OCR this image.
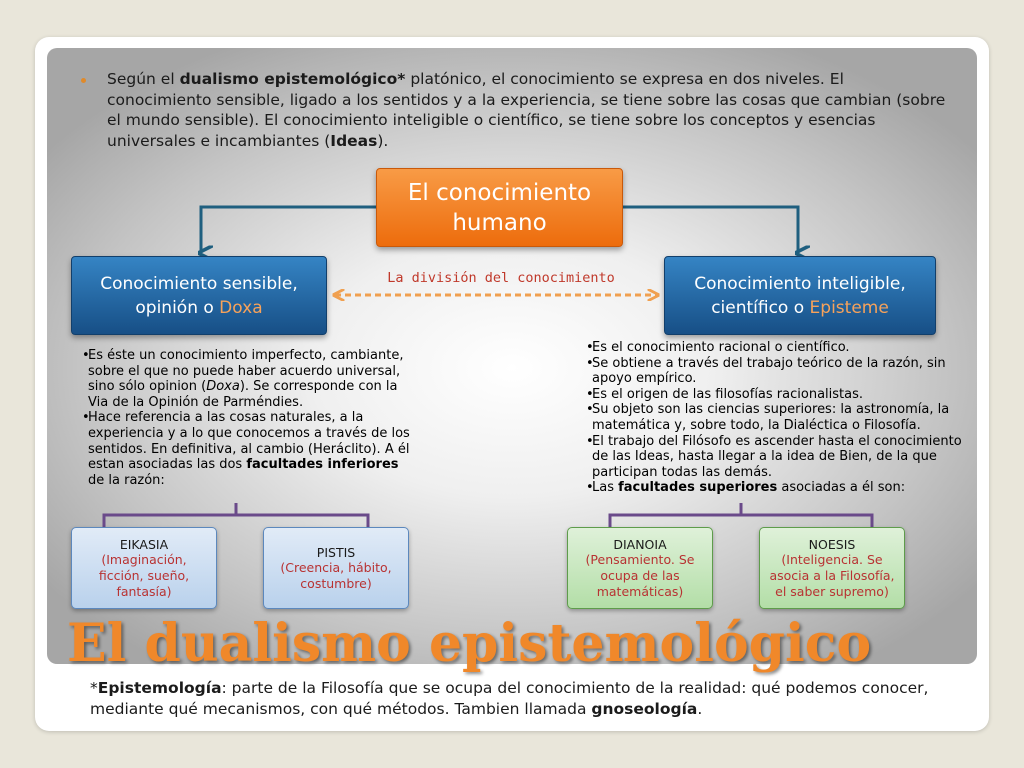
Según el dualismo epistemológico* platónico, el conocimiento se expresa en dos niveles. El conocimiento sensible, ligado a los sentidos y a la experiencia, se tiene sobre las cosas que cambian (sobre el mundo sensible). El conocimiento inteligible o científico, se tiene sobre los conceptos y esencias universales e incambiantes (Ideas).
El conocimiento
humano
Conocimiento sensible,
opinión o Doxa
Conocimiento inteligible,
científico o Episteme
La división del conocimiento
•
Es éste un conocimiento imperfecto, cambiante, sobre el que no puede haber acuerdo universal, sino sólo opinion (Doxa). Se corresponde con la Via de la Opinión de Parméndies.
•
Hace referencia a las cosas naturales, a la experiencia y a lo que conocemos a través de los sentidos. En definitiva, al cambio (Heráclito). A él estan asociadas las dos facultades inferiores de la razón:
•
Es el conocimiento racional o científico.
•
Se obtiene a través del trabajo teórico de la razón, sin apoyo empírico.
•
Es el origen de las filosofías racionalistas.
•
Su objeto son las ciencias superiores: la astronomía, la matemática y, sobre todo, la Dialéctica o Filosofía.
•
El trabajo del Filósofo es ascender hasta el conocimiento de las Ideas, hasta llegar a la idea de Bien, de la que participan todas las demás.
•
Las facultades superiores asociadas a él son:
EIKASIA
(Imaginación, ficción, sueño, fantasía)
PISTIS
(Creencia, hábito, costumbre)
DIANOIA
(Pensamiento. Se ocupa de las matemáticas)
NOESIS
(Inteligencia. Se asocia a la Filosofía, el saber supremo)
El dualismo epistemológico
*Epistemología: parte de la Filosofía que se ocupa del conocimiento de la realidad: qué podemos conocer, mediante qué mecanismos, con qué métodos. Tambien llamada gnoseología.
